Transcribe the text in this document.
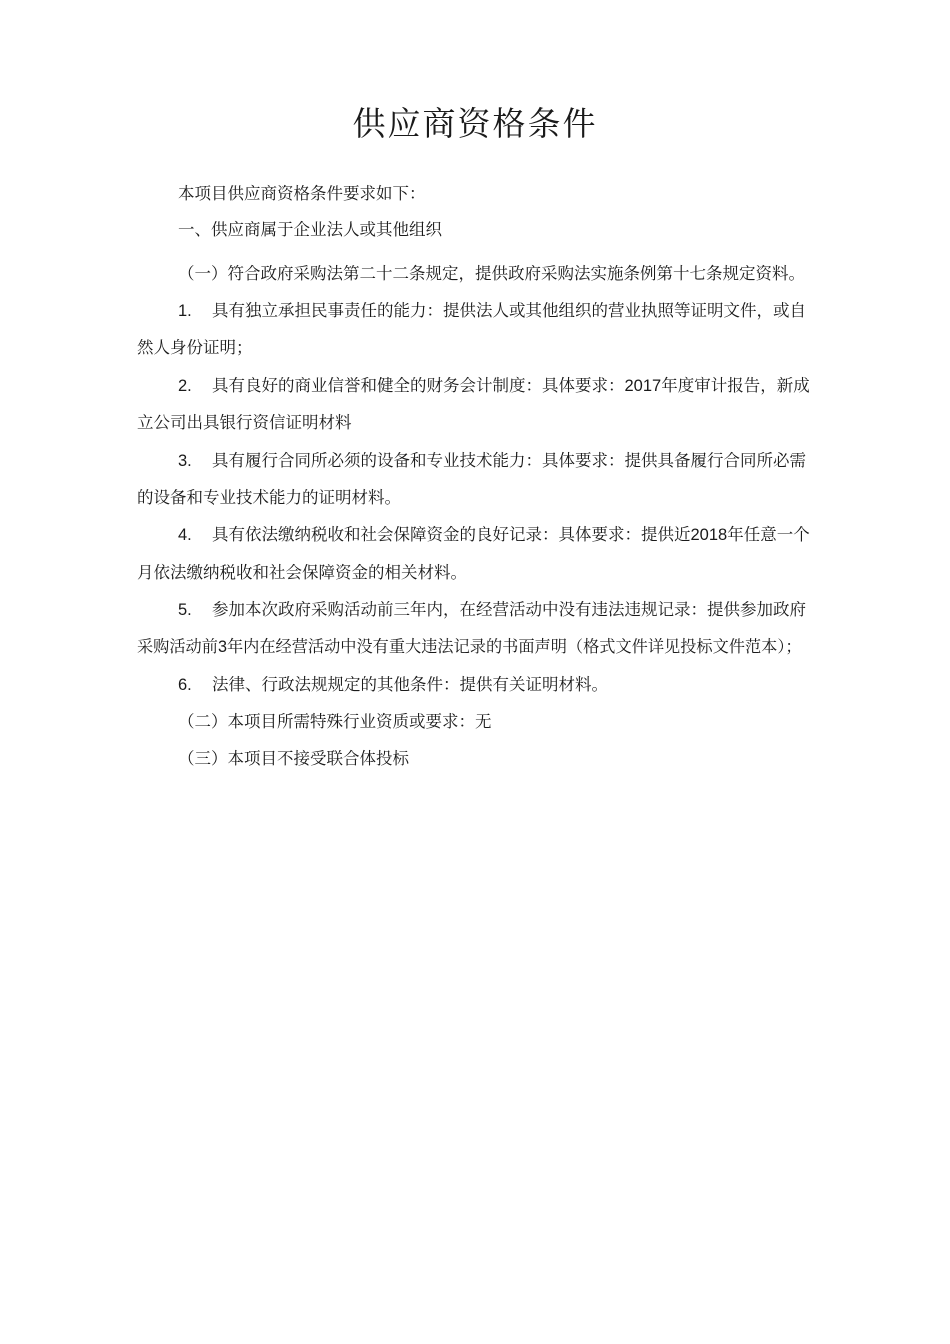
供应商资格条件
本项目供应商资格条件要求如下：
一、供应商属于企业法人或其他组织
（一）符合政府采购法第二十二条规定，提供政府采购法实施条例第十七条规定资料。
1. 具有独立承担民事责任的能力：提供法人或其他组织的营业执照等证明文件，或自
然人身份证明；
2. 具有良好的商业信誉和健全的财务会计制度：具体要求：2017年度审计报告，新成
立公司出具银行资信证明材料
3. 具有履行合同所必须的设备和专业技术能力：具体要求：提供具备履行合同所必需
的设备和专业技术能力的证明材料。
4. 具有依法缴纳税收和社会保障资金的良好记录：具体要求：提供近2018年任意一个
月依法缴纳税收和社会保障资金的相关材料。
5. 参加本次政府采购活动前三年内，在经营活动中没有违法违规记录：提供参加政府
采购活动前3年内在经营活动中没有重大违法记录的书面声明（格式文件详见投标文件范本）；
6. 法律、行政法规规定的其他条件：提供有关证明材料。
（二）本项目所需特殊行业资质或要求：无
（三）本项目不接受联合体投标
